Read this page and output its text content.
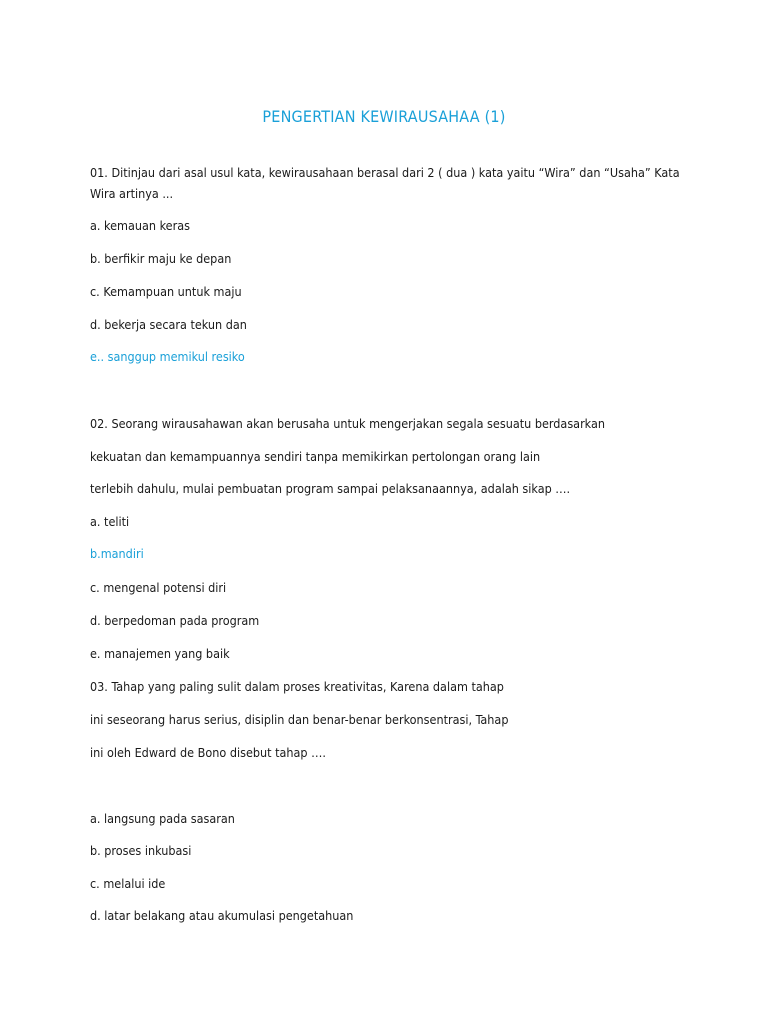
PENGERTIAN KEWIRAUSAHAA (1)
01. Ditinjau dari asal usul kata, kewirausahaan berasal dari 2 ( dua ) kata yaitu “Wira” dan “Usaha” Kata
Wira artinya ...
a. kemauan keras
b. berfikir maju ke depan
c. Kemampuan untuk maju
d. bekerja secara tekun dan
e.. sanggup memikul resiko
02. Seorang wirausahawan akan berusaha untuk mengerjakan segala sesuatu berdasarkan
kekuatan dan kemampuannya sendiri tanpa memikirkan pertolongan orang lain
terlebih dahulu, mulai pembuatan program sampai pelaksanaannya, adalah sikap ….
a. teliti
b.mandiri
c. mengenal potensi diri
d. berpedoman pada program
e. manajemen yang baik
03. Tahap yang paling sulit dalam proses kreativitas, Karena dalam tahap
ini seseorang harus serius, disiplin dan benar-benar berkonsentrasi, Tahap
ini oleh Edward de Bono disebut tahap ….
a. langsung pada sasaran
b. proses inkubasi
c. melalui ide
d. latar belakang atau akumulasi pengetahuan
